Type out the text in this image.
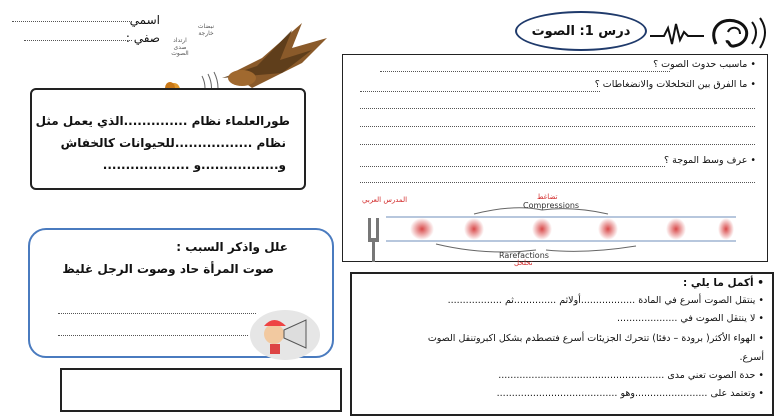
اسمي
صفي :
نبضات خارجة
ارتداد صدى الصوت
درس 1: الصوت
• ماسبب حدوث الصوت ؟
• ما الفرق بين التخلخلات والانضغاطات ؟
• عرف وسط الموجة ؟
المدرس العربي	تضاغط
Compressions
Rarefactions
تخلخل
طورالعلماء نظام ..............الذي يعمل مثل
نظام .................للحيوانات كالخفاش
و.................و ...................
علل واذكر السبب :
صوت المرأة حاد وصوت الرجل غليظ
• أكمل ما يلي :
• ينتقل الصوت أسرع في المادة ..................أولاثم ..............ثم ..................
• لا ينتقل الصوت في ....................
• الهواء الأكثر( برودة – دفئا) تتحرك الجزيئات أسرع فتصطدم بشكل اكبروتنقل الصوت
أسرع.
• حدة الصوت تعني مدى .......................................................
• وتعتمد على ........................وهو ........................................
